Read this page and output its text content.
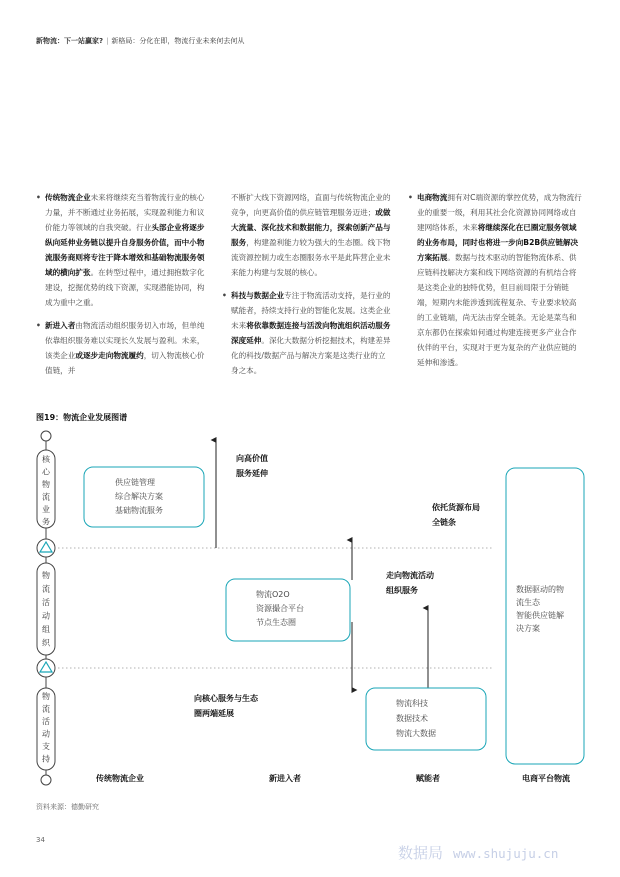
新物流：下一站赢家? | 新格局：分化在即，物流行业未来何去何从

• 传统物流企业未来将继续充当着物流行业的核心力量，并不断通过业务拓展，实现盈利能力和议价能力等领域的自我突破。行业头部企业将逐步纵向延伸业务链以提升自身服务价值，而中小物流服务商则将专注于降本增效和基础物流服务领域的横向扩张。在转型过程中，通过拥抱数字化建设，挖掘优势的线下资源，实现潜能协同，构成为重中之重。

• 新进入者由物流活动组织服务切入市场，但单纯依靠组织服务难以实现长久发展与盈利。未来，该类企业或逐步走向物流履约，切入物流核心价值链，并

不断扩大线下资源网络，直面与传统物流企业的竞争，向更高价值的供应链管理服务迈进；或做大流量、深化技术和数据能力，探索创新产品与服务，构建盈利能力较为强大的生态圈。线下物流资源控制力或生态圈服务水平是此阵营企业未来能力构建与发展的核心。

• 科技与数据企业专注于物流活动支持，是行业的赋能者，持续支持行业的智能化发展。这类企业未来将依靠数据连接与活泼向物流组织活动服务深度延伸。深化大数据分析挖掘技术，构建差异化的科技/数据产品与解决方案是这类行业的立身之本。

• 电商物流拥有对C端资源的掌控优势，成为物流行业的重要一级，利用其社会化资源协同网络或自建网络体系，未来将继续深化在已圈定服务领域的业务布局，同时也将进一步向B2B供应链解决方案拓展。数据与技术驱动的智能物流体系、供应链科技解决方案和线下网络资源的有机结合将是这类企业的独特优势，但目前局限于分销链端，短期内未能涉透到流程复杂、专业要求较高的工业链端，尚无法击穿全链条。无论是菜鸟和京东都仍在探索如何通过构建连接更多产业合作伙伴的平台，实现对于更为复杂的产业供应链的延伸和渗透。

图19：物流企业发展图谱
核
心
物
流
业
务
物
流
活
动
组
织
物
流
活
动
支
持
供应链管理
综合解决方案
基础物流服务
物流O2O
资源撮合平台
节点生态圈
物流科技
数据技术
物流大数据
数据驱动的物
流生态
智能供应链解
决方案
向高价值
服务延伸
依托货源布局
全链条
走向物流活动
组织服务
向核心服务与生态
圈两端延展
传统物流企业	新进入者	赋能者	电商平台物流
资料来源：德勤研究
34
数据局 www.shujuju.cn
